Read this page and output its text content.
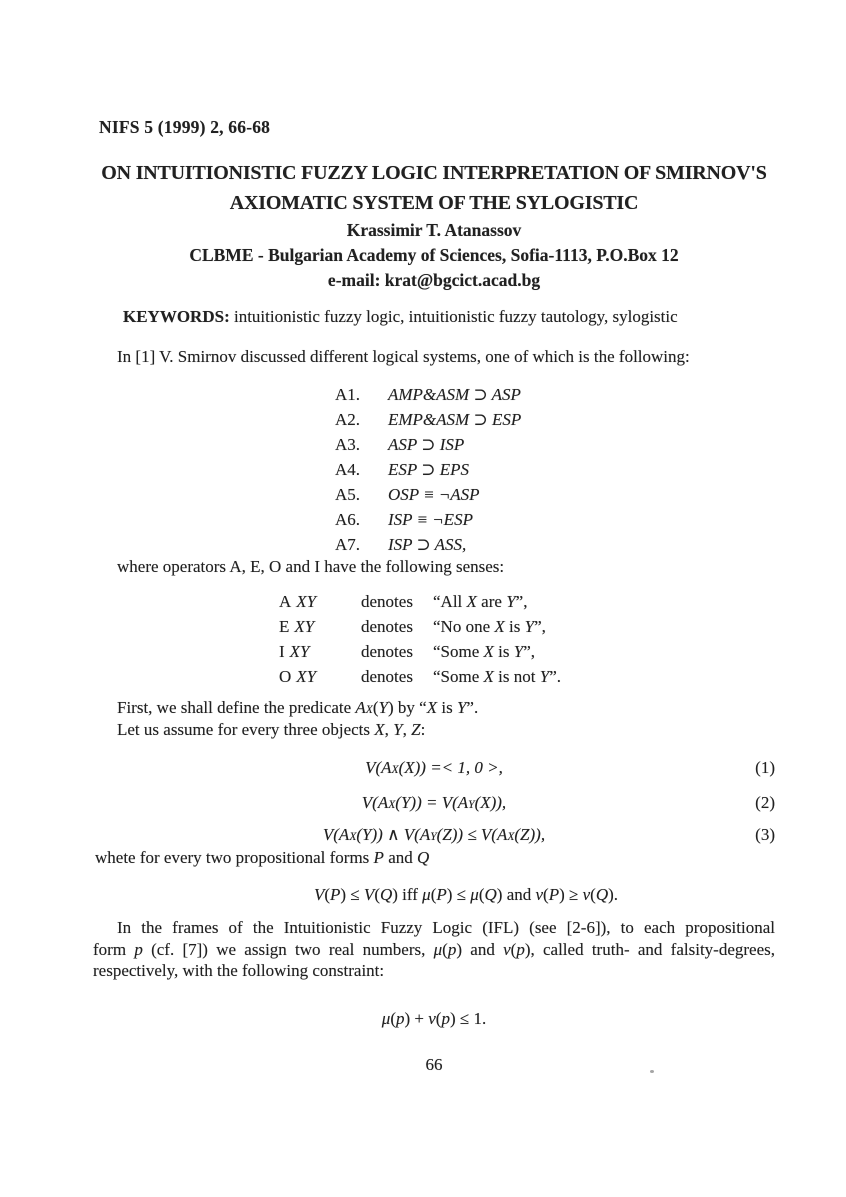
NIFS 5 (1999) 2, 66-68
ON INTUITIONISTIC FUZZY LOGIC INTERPRETATION OF SMIRNOV'S
AXIOMATIC SYSTEM OF THE SYLOGISTIC
Krassimir T. Atanassov
CLBME - Bulgarian Academy of Sciences, Sofia-1113, P.O.Box 12
e-mail: krat@bgcict.acad.bg
KEYWORDS: intuitionistic fuzzy logic, intuitionistic fuzzy tautology, sylogistic
In [1] V. Smirnov discussed different logical systems, one of which is the following:
A1. AMP&ASM ⊃ ASP
A2. EMP&ASM ⊃ ESP
A3. ASP ⊃ ISP
A4. ESP ⊃ EPS
A5. OSP ≡ ¬ASP
A6. ISP ≡ ¬ESP
A7. ISP ⊃ ASS,
where operators A, E, O and I have the following senses:
A XY	denotes	“All X are Y”,
E XY	denotes	“No one X is Y”,
I XY	denotes	“Some X is Y”,
O XY	denotes	“Some X is not Y”.
First, we shall define the predicate $A_X(Y)$ by “X is Y”.
Let us assume for every three objects X, Y, Z:
$V(A_X(X)) =< 1$, 0 >,	(1)
$V(A_X(Y)) = V(A_Y(X))$,	(2)
$V(A_X(Y))$ ∧ $V(A_Y(Z)) \le V(A_X(Z))$,	(3)
whete for every two propositional forms P and Q
V(P) ≤ V(Q) iff μ(P) ≤ μ(Q) and ν(P) ≥ ν(Q).
In the frames of the Intuitionistic Fuzzy Logic (IFL) (see [2-6]), to each propositional
form p (cf. [7]) we assign two real numbers, μ(p) and ν(p), called truth- and falsity-degrees,
respectively, with the following constraint:
μ(p) + ν(p) ≤ 1.
66
